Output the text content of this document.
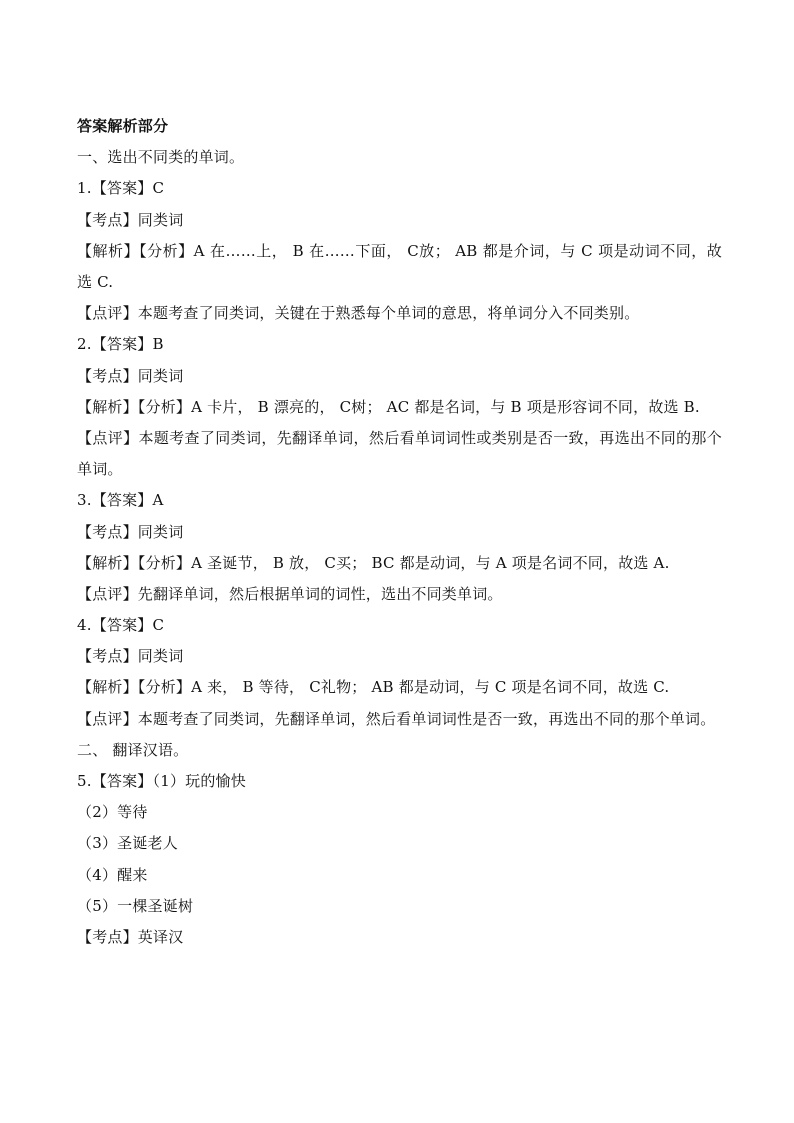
答案解析部分
一、选出不同类的单词。
1.【答案】C
【考点】同类词
【解析】【分析】A 在……上， B 在……下面， C放； AB 都是介词，与 C 项是动词不同，故选 C.
【点评】本题考查了同类词，关键在于熟悉每个单词的意思，将单词分入不同类别。
2.【答案】B
【考点】同类词
【解析】【分析】A 卡片， B 漂亮的， C树； AC 都是名词，与 B 项是形容词不同，故选 B.
【点评】本题考查了同类词，先翻译单词，然后看单词词性或类别是否一致，再选出不同的那个单词。
3.【答案】A
【考点】同类词
【解析】【分析】A 圣诞节， B 放， C买； BC 都是动词，与 A 项是名词不同，故选 A.
【点评】先翻译单词，然后根据单词的词性，选出不同类单词。
4.【答案】C
【考点】同类词
【解析】【分析】A 来， B 等待， C礼物； AB 都是动词，与 C 项是名词不同，故选 C.
【点评】本题考查了同类词，先翻译单词，然后看单词词性是否一致，再选出不同的那个单词。
二、 翻译汉语。
5.【答案】（1）玩的愉快
（2）等待
（3）圣诞老人
（4）醒来
（5）一棵圣诞树
【考点】英译汉
